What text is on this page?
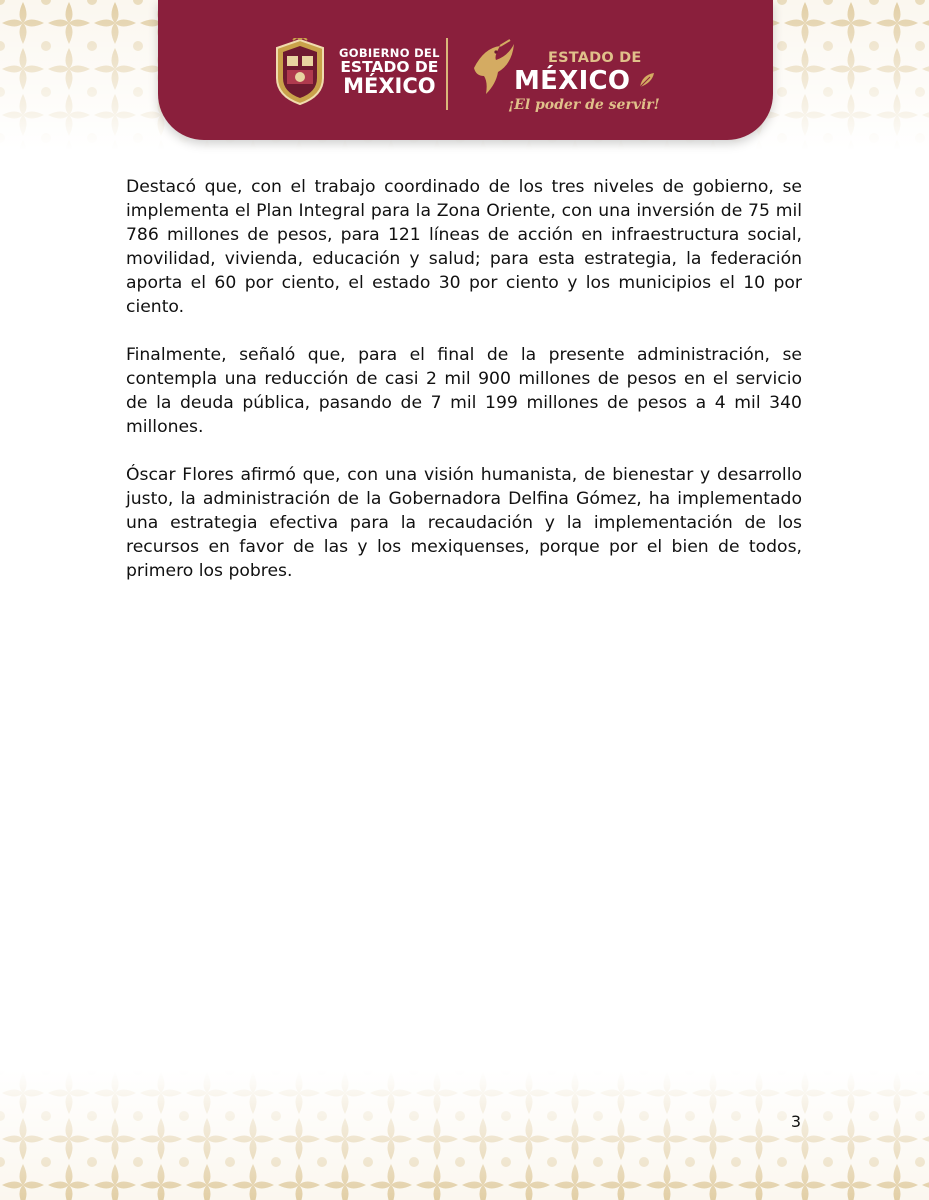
GOBIERNO DEL
ESTADO DE
MÉXICO
ESTADO DE
MÉXICO
¡El poder de servir!

Destacó que, con el trabajo coordinado de los tres niveles de gobierno, se implementa el Plan Integral para la Zona Oriente, con una inversión de 75 mil 786 millones de pesos, para 121 líneas de acción en infraestructura social, movilidad, vivienda, educación y salud; para esta estrategia, la federación aporta el 60 por ciento, el estado 30 por ciento y los municipios el 10 por ciento.

Finalmente, señaló que, para el final de la presente administración, se contempla una reducción de casi 2 mil 900 millones de pesos en el servicio de la deuda pública, pasando de 7 mil 199 millones de pesos a 4 mil 340 millones.

Óscar Flores afirmó que, con una visión humanista, de bienestar y desarrollo justo, la administración de la Gobernadora Delfina Gómez, ha implementado una estrategia efectiva para la recaudación y la implementación de los recursos en favor de las y los mexiquenses, porque por el bien de todos, primero los pobres.

3
